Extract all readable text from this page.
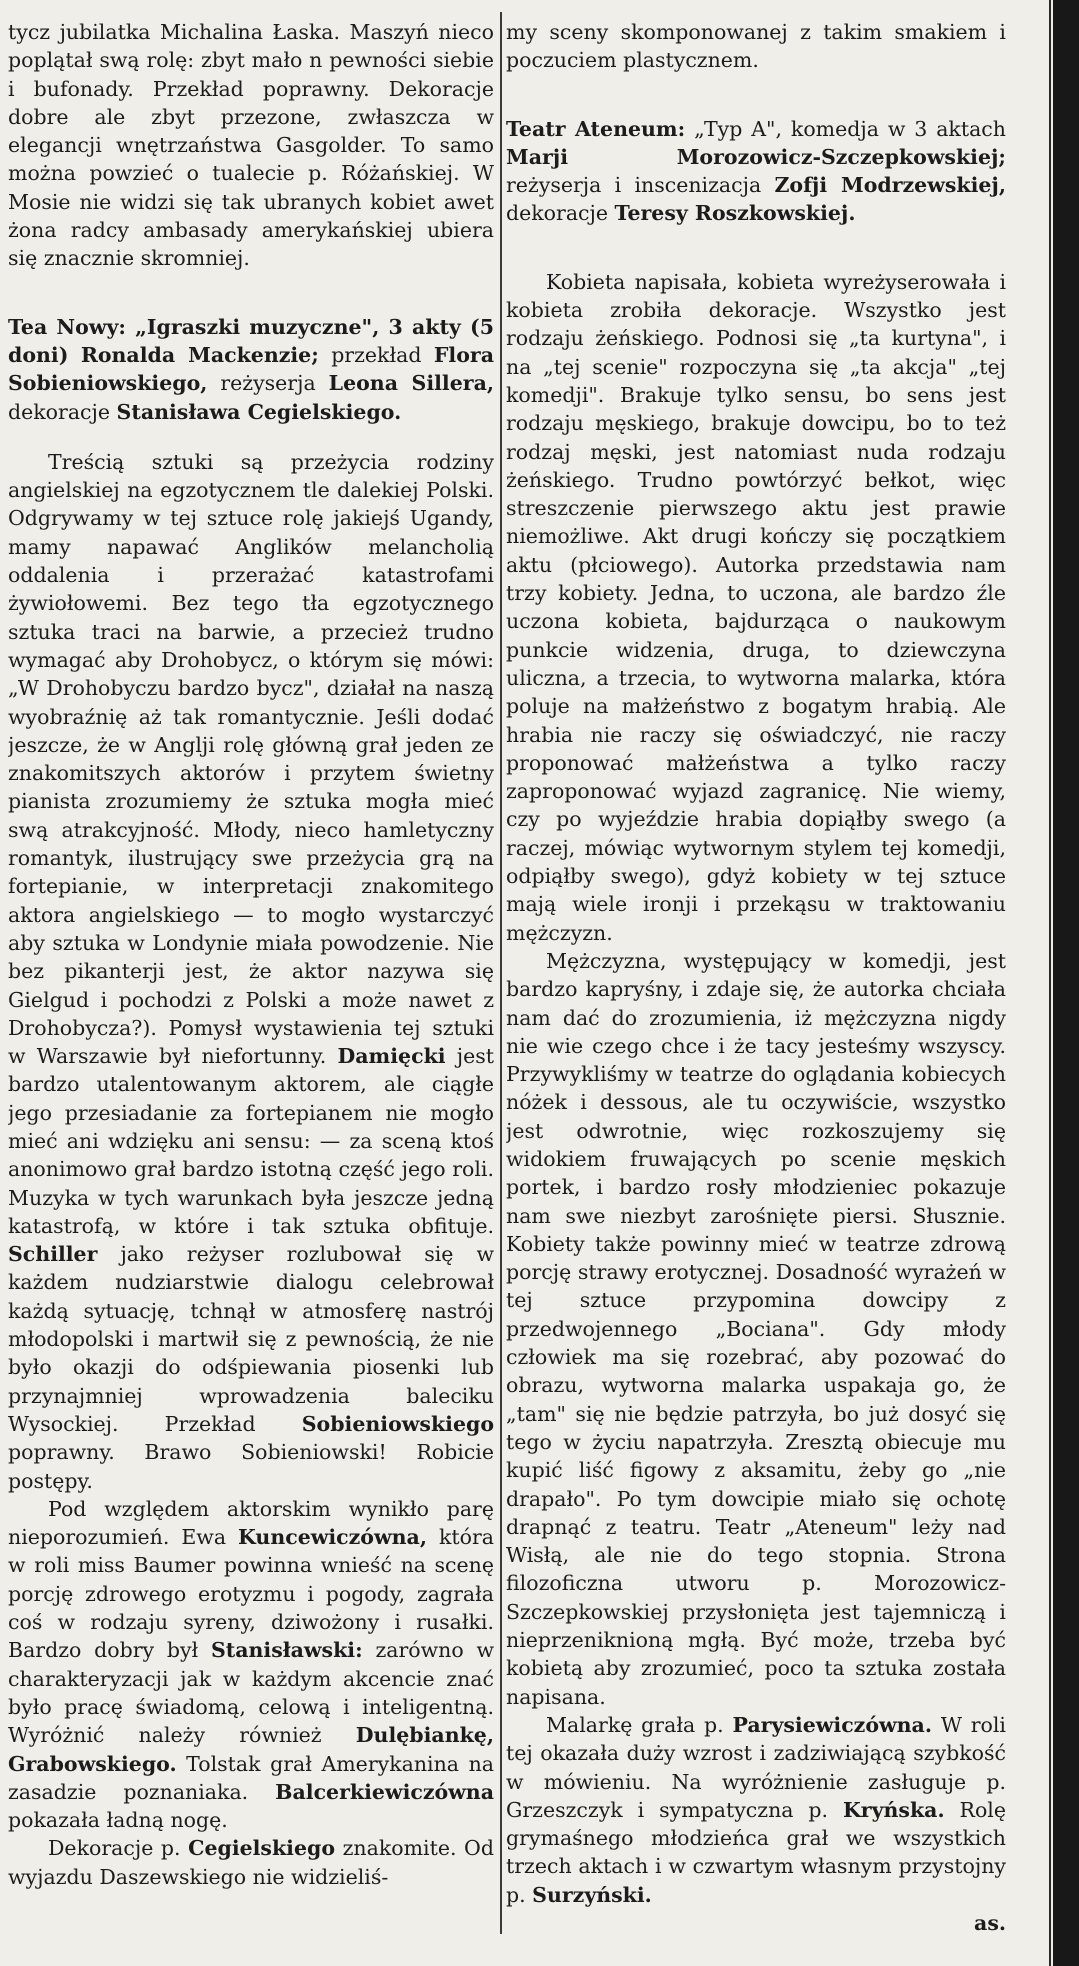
tycz jubilatka Michalina Łaska. Maszyń nieco poplątał swą rolę: zbyt mało n pewności siebie i bufonady. Przekład poprawny. Dekoracje dobre ale zbyt przezone, zwłaszcza w elegancji wnętrzaństwa Gasgolder. To samo można powzieć o tualecie p. Różańskiej. W Mosie nie widzi się tak ubranych kobiet awet żona radcy ambasady amerykańskiej ubiera się znacznie skromniej.

Tea Nowy: „Igraszki muzyczne", 3 akty (5 doni) Ronalda Mackenzie; przekład Flora Sobieniowskiego, reżyserja Leona Sillera, dekoracje Stanisława Cegielskiego.

Treścią sztuki są przeżycia rodziny angielskiej na egzotycznem tle dalekiej Polski. Odgrywamy w tej sztuce rolę jakiejś Ugandy, mamy napawać Anglików melancholią oddalenia i przerażać katastrofami żywiołowemi. Bez tego tła egzotycznego sztuka traci na barwie, a przecież trudno wymagać aby Drohobycz, o którym się mówi: „W Drohobyczu bardzo bycz", działał na naszą wyobraźnię aż tak romantycznie. Jeśli dodać jeszcze, że w Anglji rolę główną grał jeden ze znakomitszych aktorów i przytem świetny pianista zrozumiemy że sztuka mogła mieć swą atrakcyjność. Młody, nieco hamletyczny romantyk, ilustrujący swe przeżycia grą na fortepianie, w interpretacji znakomitego aktora angielskiego — to mogło wystarczyć aby sztuka w Londynie miała powodzenie. Nie bez pikanterji jest, że aktor nazywa się Gielgud i pochodzi z Polski a może nawet z Drohobycza?). Pomysł wystawienia tej sztuki w Warszawie był niefortunny. Damięcki jest bardzo utalentowanym aktorem, ale ciągłe jego przesiadanie za fortepianem nie mogło mieć ani wdzięku ani sensu: — za sceną ktoś anonimowo grał bardzo istotną część jego roli. Muzyka w tych warunkach była jeszcze jedną katastrofą, w które i tak sztuka obfituje. Schiller jako reżyser rozlubował się w każdem nudziarstwie dialogu celebrował każdą sytuację, tchnął w atmosferę nastrój młodopolski i martwił się z pewnością, że nie było okazji do odśpiewania piosenki lub przynajmniej wprowadzenia baleciku Wysockiej. Przekład Sobieniowskiego poprawny. Brawo Sobieniowski! Robicie postępy.

Pod względem aktorskim wynikło parę nieporozumień. Ewa Kuncewiczówna, która w roli miss Baumer powinna wnieść na scenę porcję zdrowego erotyzmu i pogody, zagrała coś w rodzaju syreny, dziwożony i rusałki. Bardzo dobry był Stanisławski: zarówno w charakteryzacji jak w każdym akcencie znać było pracę świadomą, celową i inteligentną. Wyróżnić należy również Dulębiankę, Grabowskiego. Tolstak grał Amerykanina na zasadzie poznaniaka. Balcerkiewiczówna pokazała ładną nogę.

Dekoracje p. Cegielskiego znakomite. Od wyjazdu Daszewskiego nie widzieliś-

my sceny skomponowanej z takim smakiem i poczuciem plastycznem.

Teatr Ateneum: „Typ A", komedja w 3 aktach Marji Morozowicz-Szczepkowskiej; reżyserja i inscenizacja Zofji Modrzewskiej, dekoracje Teresy Roszkowskiej.

Kobieta napisała, kobieta wyreżyserowała i kobieta zrobiła dekoracje. Wszystko jest rodzaju żeńskiego. Podnosi się „ta kurtyna", i na „tej scenie" rozpoczyna się „ta akcja" „tej komedji". Brakuje tylko sensu, bo sens jest rodzaju męskiego, brakuje dowcipu, bo to też rodzaj męski, jest natomiast nuda rodzaju żeńskiego. Trudno powtórzyć bełkot, więc streszczenie pierwszego aktu jest prawie niemożliwe. Akt drugi kończy się początkiem aktu (płciowego). Autorka przedstawia nam trzy kobiety. Jedna, to uczona, ale bardzo źle uczona kobieta, bajdurząca o naukowym punkcie widzenia, druga, to dziewczyna uliczna, a trzecia, to wytworna malarka, która poluje na małżeństwo z bogatym hrabią. Ale hrabia nie raczy się oświadczyć, nie raczy proponować małżeństwa a tylko raczy zaproponować wyjazd zagranicę. Nie wiemy, czy po wyjeździe hrabia dopiąłby swego (a raczej, mówiąc wytwornym stylem tej komedji, odpiąłby swego), gdyż kobiety w tej sztuce mają wiele ironji i przekąsu w traktowaniu mężczyzn.

Mężczyzna, występujący w komedji, jest bardzo kapryśny, i zdaje się, że autorka chciała nam dać do zrozumienia, iż mężczyzna nigdy nie wie czego chce i że tacy jesteśmy wszyscy. Przywykliśmy w teatrze do oglądania kobiecych nóżek i dessous, ale tu oczywiście, wszystko jest odwrotnie, więc rozkoszujemy się widokiem fruwających po scenie męskich portek, i bardzo rosły młodzieniec pokazuje nam swe niezbyt zarośnięte piersi. Słusznie. Kobiety także powinny mieć w teatrze zdrową porcję strawy erotycznej. Dosadność wyrażeń w tej sztuce przypomina dowcipy z przedwojennego „Bociana". Gdy młody człowiek ma się rozebrać, aby pozować do obrazu, wytworna malarka uspakaja go, że „tam" się nie będzie patrzyła, bo już dosyć się tego w życiu napatrzyła. Zresztą obiecuje mu kupić liść figowy z aksamitu, żeby go „nie drapało". Po tym dowcipie miało się ochotę drapnąć z teatru. Teatr „Ateneum" leży nad Wisłą, ale nie do tego stopnia. Strona filozoficzna utworu p. Morozowicz-Szczepkowskiej przysłonięta jest tajemniczą i nieprzeniknioną mgłą. Być może, trzeba być kobietą aby zrozumieć, poco ta sztuka została napisana.

Malarkę grała p. Parysiewiczówna. W roli tej okazała duży wzrost i zadziwiającą szybkość w mówieniu. Na wyróżnienie zasługuje p. Grzeszczyk i sympatyczna p. Kryńska. Rolę grymaśnego młodzieńca grał we wszystkich trzech aktach i w czwartym własnym przystojny p. Surzyński.

as.
